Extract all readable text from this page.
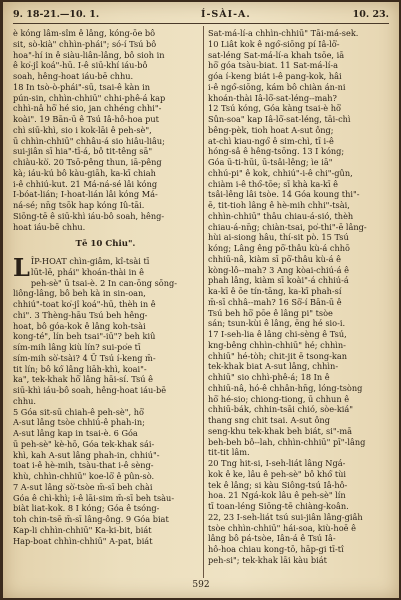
9. 18-21.—10. 1.	Í-SÀI-A.	10. 23.
è kóng lâm-sîm ê lâng, kóng-ōe bô
sit, sò-kià" chhìn-phái"; só-í Tsú bô
hoa"-hí in ê siàu-liân-lâng, bô sioh in
ê ko͘-jî koá"-hū. I-ê siū-khí iáu-bô
soah, hêng-hoat iáu-bē chhu.
18 In tsò-ò-phái"-sū, tsai-ê kàn in
pún-sin, chhìn-chhiū" chhi-phê-á kap
chhì-nâ hō͘ hé sio, jan chhéng chhi"-
koài". 19 Bān-ū ê Tsú Iâ-hô-hoa put
chì siū-khì, sio i kok-lāi ê peh-sè",
ū chhìn-chhiū" chhâu-á sio hiâu-liâu;
sui-jiân sī hia"-tī-á, bô tit-têng sā"
chiàu-kò͘. 20 Tsō-pêng thun, iā-pêng
kà; iáu-kú bô kàu-giāh, ka-kī chiah
i-ê chhiú-kut. 21 Má-ná-sé lâi kóng
I-bóat-lián; I-hoat-lián lâi kóng Má-
ná-sé; nn̄g tsōk hap kóng Iû-tāi.
Siōng-tē ê siū-khì iáu-bô soah, hêng-
hoat iáu-bē chhu.
Tē 10 Chiu".
L ÎP-HOAT chìn-giâm, kî-tsài tī
lūt-lē, phái" khoán-thài in ê
peh-sè" ū tsai-è. 2 In can-ōng sōng-
liông-lâng, bô beh kà in sin-oan,
chhiú"-toat ko͘-jî koá"-hū, thèh in ê
chi". 3 Thèng-hāu Tsú beh hêng-
hoat, bô góa-kok ê lâng koh-tsài
kong-té", lín beh tsai"-iū"? beh kiû
sím-mih lâng kiù lín? sui-po͘e tī
sím-mih sò͘-tsài? 4 Ū Tsú í-keng m̄-
tit lín; bô kó͘ lâng liāh-khì, koai"-
ka", tek-khak hō͘ lâng hāi-sí. Tsú ê
siū-khì iáu-bô soah, hêng-hoat iáu-bē
chhu.
5 Góa sit-sū chiah-ê peh-sè", hō͘
A-sut lâng tsòe chhiú-ê phah-in;
A-sut lâng kap in tsai-è. 6 Góa
ū peh-sè" kè-hō, Góa tek-khak sái-
khì, kah A-sut lâng phah-in, chhiú"-
toat i-ê hè-mih, tsàu-that i-ê sèng-
khù, chhìn-chhiū" koe-lō͘ ê pûn-sò.
7 A-sut lâng sò͘-tsòe m̄-sī beh chài
Góa ê chì-khì; i-ê lāi-sim m̄-sī beh tsàu-
biàt liat-kok. 8 I kóng; Góa ê tsóng-
toh chin-tsē m̄-sī lâng-ông. 9 Góa biat
Kap-li chhìn-chhiū" Ka-ki-bit, biát
Hap-boat chhìn-chhiū" A-pat, biát
Sat-má-lí-a chhìn-chhiū" Tāi-má-sek.
10 Liât kok ê ngó͘-siōng pí Iâ-lō͘-
sat-léng Sat-má-lí-a khah tsōe, iā
hō͘ góa tsàu-biat. 11 Sat-má-lí-a
góa í-keng biát i-ê pang-kok, hâi
i-ê ngó͘-siōng, kám bô chiàn án-ni
khoán-thài Iâ-lō͘-sat-léng--mah?
12 Tsú kóng, Góa kàng tsai-è hō͘
Sûn-soa" kap Iâ-lō͘-sat-léng, tāi-chì
bêng-pèk, tioh hoat A-sut ông;
at-chì kiau-ngó͘ ê sim-chì, tī i-ê
hóng-sâ ê hêng-tsōng. 13 I kóng;
Góa ū-ti-hūi, ū-tsâi-lêng; ìe iā"
chhú-pi" ê kok, chhiú"-i-ê chi"-gûn,
chiàm i-ê thó͘-tōe; sī khà ka-kī ê
tsâi-lêng lâi tsòe. 14 Góa koung thi"-
ē, tit-tioh lâng ê hè-mih chhi"-tsài,
chhìn-chhiū" thâu chiau-á-sió, thèh
chiau-á-nn̄g; chiàn-tsai, po͘-thi"-ē lâng-
hùi ai-siong hâu, thí-sit pò. 15 Tsú
kóng; Lâng êng pō͘-thâu kù-á chhō
chhiū-nâ, kiàm sī pō͘-thâu kù-á ê
kòng-lô--mah? 3 Ang kòai-chiú-á ê
phah lâng, kiàm sī koài"-á chhiú-á
ka-kī ê ōe tín-tāng, ka-kī phah-sí
m̄-sī chhâ--mah? 16 Sō͘-í Bān-ū ê
Tsú beh hō͘ pōe ê lâng pi" tsòe
sán; tsun-kùi ê lâng, ēng hé sio-i.
17 I-seh-lia ê lâng chi-sèng ê Tsú,
kng-bêng chhìn-chhiū" hé; chhìn-
chhiū" hé-tòh; chit-jit ē tsong-kan
tek-khak biat A-sut lâng, chhìn-
chhiū" sio chhì-phê-á; 18 In ê
chhiū-nâ, hó-ê chhân-hn̄g, lóng-tsòng
hō͘ hé-sio; chiong-tiong, ū chhun ê
chhiū-bák, chhin-tsāi chió, sòe-kiá"
thang sng chit tsai. A-sut ông
seng-khu tek-khak beh biát, si"-mā
beh-beh bô--lah, chhìn-chhiū" pī"-lâng
tit-tit lâm.
20 Tng hit-si, I-seh-liát lâng Ngá-
kok ê ke, lâu ê peh-sè" bô khó͘ tùi
tek ê lâng; si kàu Siông-tsú Iâ-hô-
hoa. 21 Ngá-kok lâu ê peh-sè" lín
tī toan-léng Siōng-tē chiàng-koân.
22, 23 I-seh-liát tsú sui-jiân lâng-giâh
tsòe chhìn-chhiū" hái-soa, kiù-hoē ê
lâng bô pá-tsòe, Iân-á ê Tsú Iâ-
hô-hoa chiau kong-tō, hāp-gi tī-tî
peh-si"; tek-khak lāi kàu biát
592
